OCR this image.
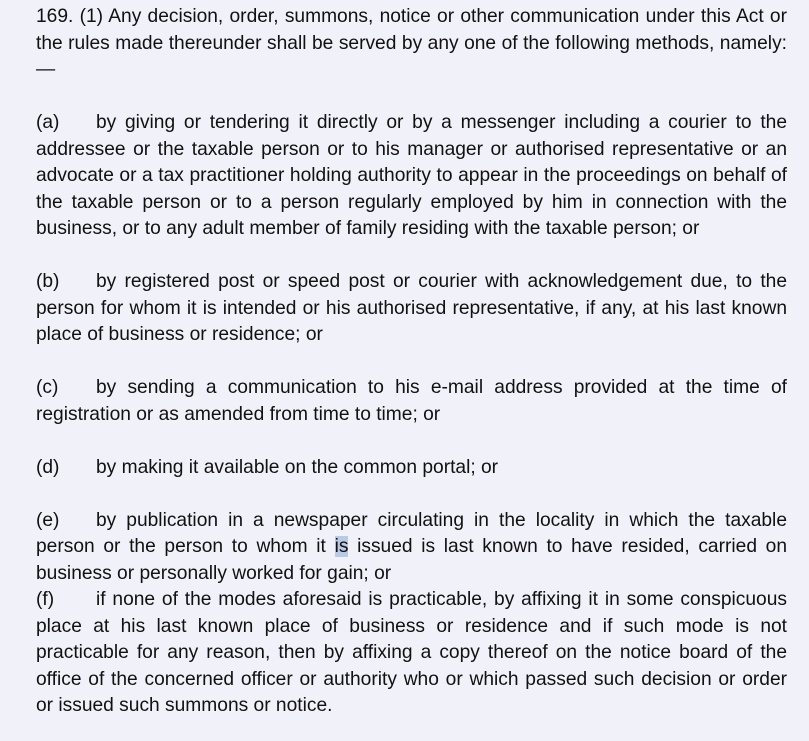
169. (1) Any decision, order, summons, notice or other communication under this Act or the rules made thereunder shall be served by any one of the following methods, namely:—

(a) by giving or tendering it directly or by a messenger including a courier to the addressee or the taxable person or to his manager or authorised representative or an advocate or a tax practitioner holding authority to appear in the proceedings on behalf of the taxable person or to a person regularly employed by him in connection with the business, or to any adult member of family residing with the taxable person; or

(b) by registered post or speed post or courier with acknowledgement due, to the person for whom it is intended or his authorised representative, if any, at his last known place of business or residence; or

(c) by sending a communication to his e-mail address provided at the time of registration or as amended from time to time; or

(d) by making it available on the common portal; or

(e) by publication in a newspaper circulating in the locality in which the taxable person or the person to whom it is issued is last known to have resided, carried on business or personally worked for gain; or

(f) if none of the modes aforesaid is practicable, by affixing it in some conspicuous place at his last known place of business or residence and if such mode is not practicable for any reason, then by affixing a copy thereof on the notice board of the office of the concerned officer or authority who or which passed such decision or order or issued such summons or notice.
